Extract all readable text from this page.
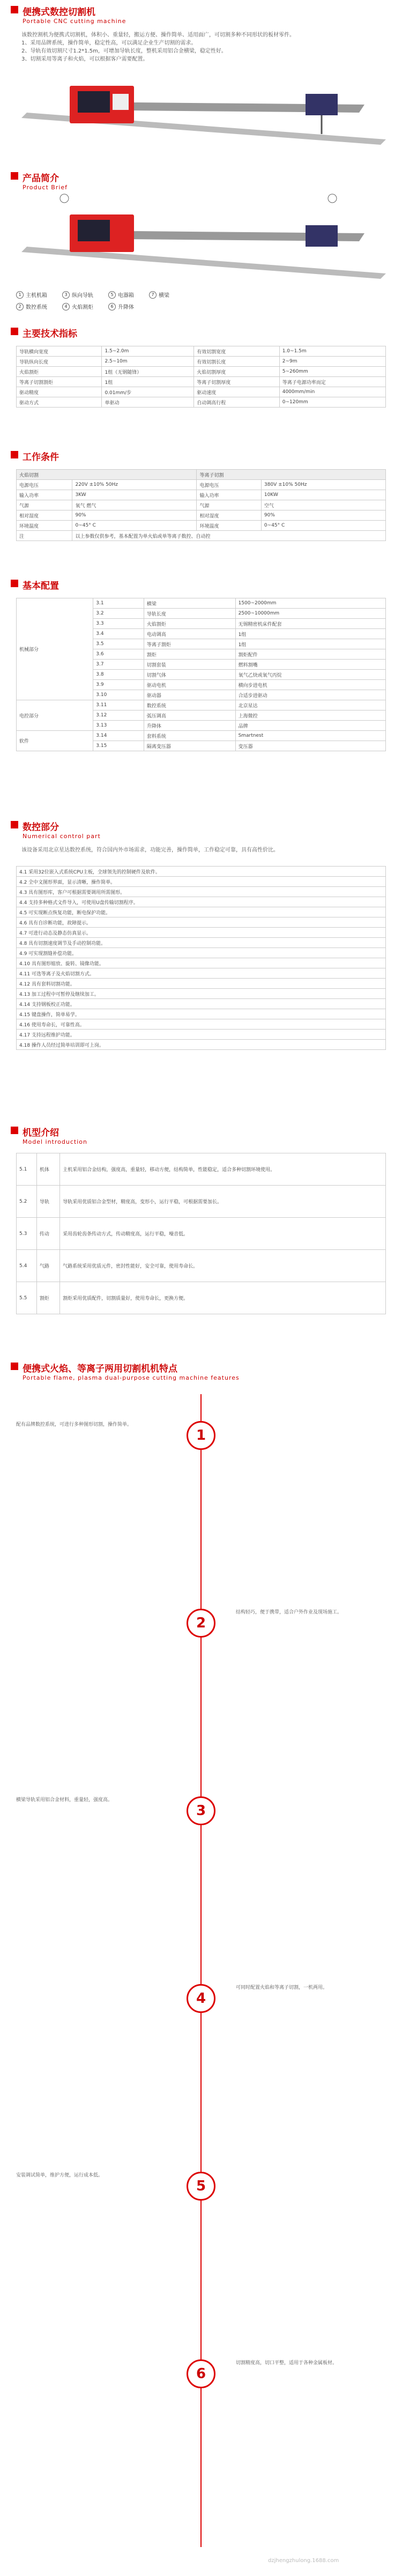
便携式数控切割机
Portable CNC cutting machine
该数控割机为便携式切割机，体积小、重量轻，搬运方便、操作简单、适用面广，可切割多种不同形状的板材零件。
1、采用品牌系统，操作简单，稳定性高，可以满足企业生产切割的需求。
2、导轨有效切割尺寸1.2*1.5m，可增加导轨长度，整机采用铝合金横梁，稳定性好。
3、切割采用等离子和火焰，可以根据客户需要配置。
产品简介
Product Brief
1 主机机箱	3 纵向导轨	5 电器箱	7 横梁
2 数控系统	4 火焰割炬	6 升降体
主要技术指标
导轨横向宽度	1.5~2.0m	有效切割宽度	1.0~1.5m
导轨纵向长度	2.5~10m	有效切割长度	2~9m
火焰割炬	1组（无钢随锋）	火焰切割厚度	5~260mm
等离子切割割炬	1组	等离子切割厚度	等离子电源功率而定
驱动精度	0.01mm/步	驱动速度	4000mm/min
驱动方式	单驱动	自动调高行程	0~120mm
工作条件
火焰切割		等离子切割	
电源电压	220V ±10% 50Hz	电源电压	380V ±10% 50Hz
输入功率	3KW	输入功率	10KW
气源	氧气 燃气	气源	空气
相对湿度	90%	相对湿度	90%
环境温度	0~45° C	环境温度	0~45° C
注	以上参数仅供参考，基本配置为单火焰或单等离子数控、自动控		
基本配置
机械部分	3.1	横梁	1500~2000mm
	3.2	导轨长度	2500~10000mm
	3.3	火焰割炬	无锡精密机床件配套
	3.4	电动调高	1组
	3.5	等离子割炬	1组
	3.6	割炬	割炬配件
	3.7	切割套装	燃料割嘴
	3.8	切割气体	氧气乙炔或氧气丙烷
	3.9	驱动电机	横向步进电机
	3.10	驱动器	合适步进驱动
电控部分	3.11	数控系统	北京星达
	3.12	弧压调高	上海微控
	3.13	升降体	品牌
软件	3.14	套料系统	Smartnest
	3.15	隔离变压器	变压器
数控部分
Numerical control part
该设备采用北京星达数控系统，符合国内外市场需求，功能完善，操作简单，工作稳定可靠，具有高性价比。
4.1 采用32位嵌入式系统CPU主板，全球领先的控制硬件及软件。
4.2 全中文图形界面，显示清晰，操作简单。
4.3 具有图形库，客户可根据需要调用所需图形。
4.4 支持多种格式文件导入，可使用U盘传输切割程序。
4.5 可实现断点恢复功能，断电保护功能。
4.6 具有自诊断功能，故障提示。
4.7 可进行动态及静态仿真显示。
4.8 具有切割速度调节及手动控制功能。
4.9 可实现割缝补偿功能。
4.10 具有图形缩放、旋转、镜像功能。
4.11 可选等离子及火焰切割方式。
4.12 具有套料切割功能。
4.13 加工过程中可暂停及继续加工。
4.14 支持钢板校正功能。
4.15 键盘操作，简单易学。
4.16 使用寿命长，可靠性高。
4.17 支持远程维护功能。
4.18 操作人员经过简单培训即可上岗。
机型介绍
Model introduction
5.1	机体	主机采用铝合金结构，强度高，重量轻，移动方便，结构简单，性能稳定，适合多种切割环境使用。
5.2	导轨	导轨采用优质铝合金型材，精度高，变形小，运行平稳，可根据需要加长。
5.3	传动	采用齿轮齿条传动方式，传动精度高，运行平稳，噪音低。
5.4	气路	气路系统采用优质元件，密封性能好，安全可靠，使用寿命长。
5.5	割炬	割炬采用优质配件，切割质量好，使用寿命长，更换方便。
便携式火焰、等离子两用切割机机特点
Portable flame, plasma dual-purpose cutting machine features
1
配有品牌数控系统，可进行多种图形切割，操作简单。
2
结构轻巧，便于携带，适合户外作业及现场施工。
3
横梁导轨采用铝合金材料，重量轻，强度高。
4
可同时配置火焰和等离子切割，一机两用。
5
安装调试简单，维护方便，运行成本低。
6
切割精度高，切口平整，适用于各种金属板材。
dzjhengzhulong.1688.com
